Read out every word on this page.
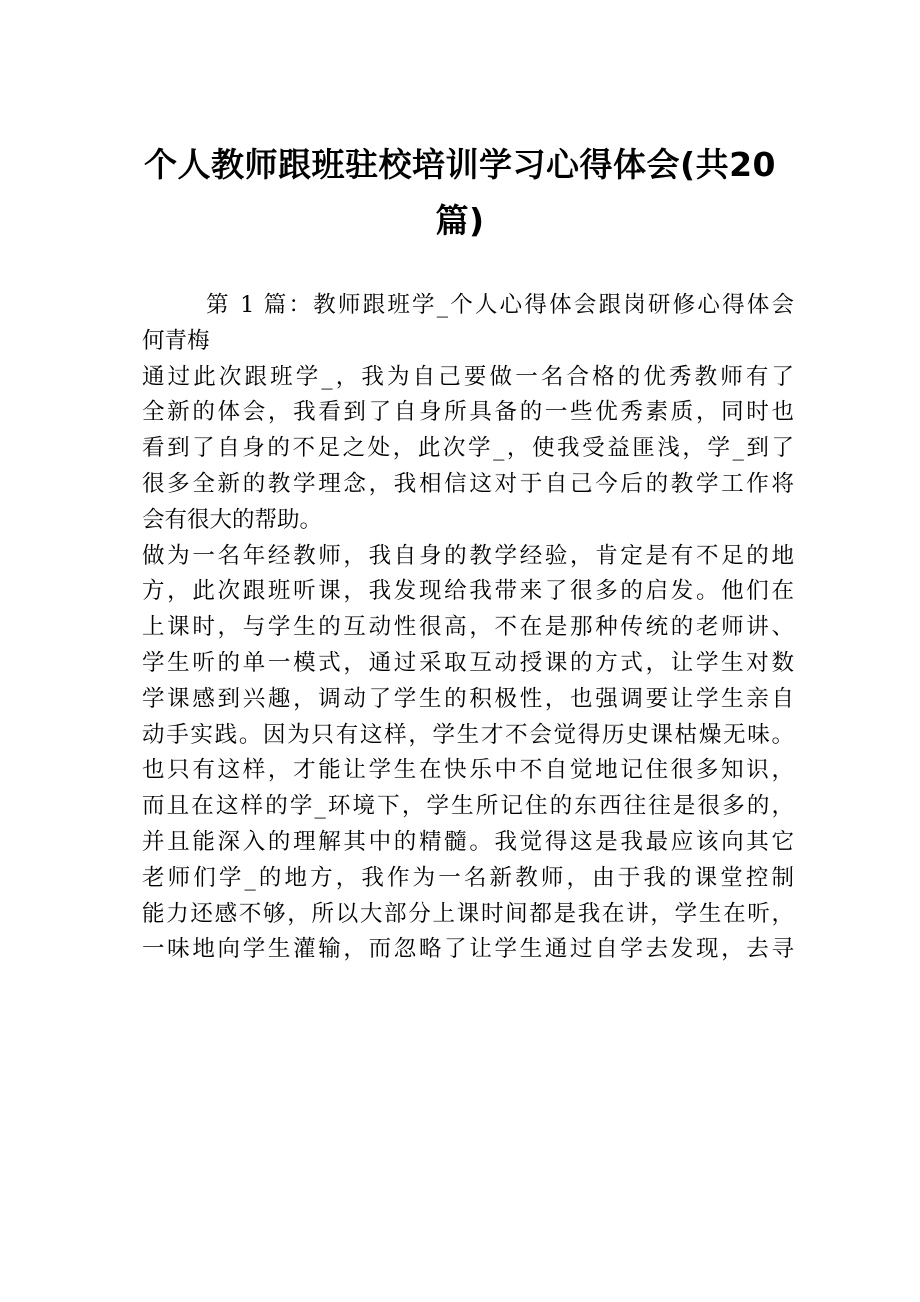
个人教师跟班驻校培训学习心得体会(共20
篇)
第 1 篇：教师跟班学_个人心得体会跟岗研修心得体会
何青梅
通过此次跟班学_，我为自己要做一名合格的优秀教师有了
全新的体会，我看到了自身所具备的一些优秀素质，同时也
看到了自身的不足之处，此次学_，使我受益匪浅，学_到了
很多全新的教学理念，我相信这对于自己今后的教学工作将
会有很大的帮助。
做为一名年经教师，我自身的教学经验，肯定是有不足的地
方，此次跟班听课，我发现给我带来了很多的启发。他们在
上课时，与学生的互动性很高，不在是那种传统的老师讲、
学生听的单一模式，通过采取互动授课的方式，让学生对数
学课感到兴趣，调动了学生的积极性，也强调要让学生亲自
动手实践。因为只有这样，学生才不会觉得历史课枯燥无味。
也只有这样，才能让学生在快乐中不自觉地记住很多知识，
而且在这样的学_环境下，学生所记住的东西往往是很多的，
并且能深入的理解其中的精髓。我觉得这是我最应该向其它
老师们学_的地方，我作为一名新教师，由于我的课堂控制
能力还感不够，所以大部分上课时间都是我在讲，学生在听，
一味地向学生灌输，而忽略了让学生通过自学去发现，去寻
